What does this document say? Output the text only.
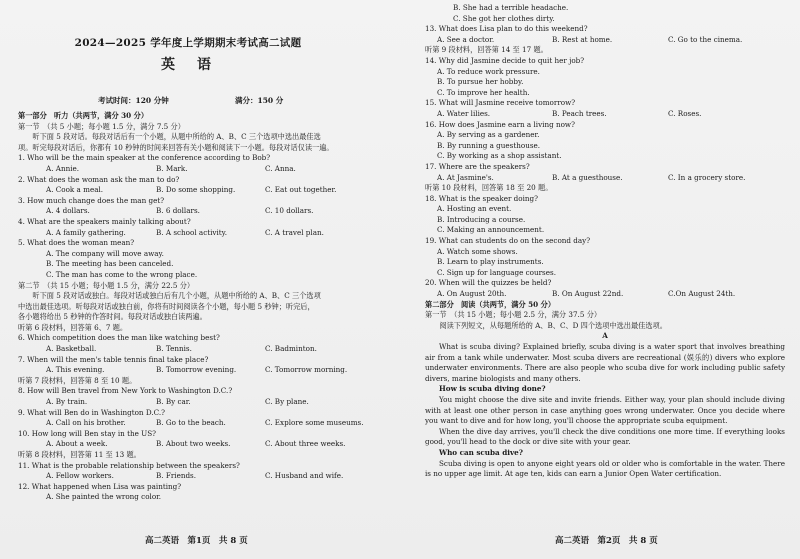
2024—2025 学年度上学期期末考试高二试题
英　语
考试时间：120 分钟	满分：150 分
第一部分　听力（共两节，满分 30 分）
第一节　（共 5 小题；每小题 1.5 分，满分 7.5 分）
　　听下面 5 段对话。每段对话后有一个小题，从题中所给的 A、B、C 三个选项中选出最佳选
项。听完每段对话后，你都有 10 秒钟的时间来回答有关小题和阅读下一小题。每段对话仅读一遍。
1. Who will be the main speaker at the conference according to Bob?
A. Annie.	B. Mark.	C. Anna.
2. What does the woman ask the man to do?
A. Cook a meal.	B. Do some shopping.	C. Eat out together.
3. How much change does the man get?
A. 4 dollars.	B. 6 dollars.	C. 10 dollars.
4. What are the speakers mainly talking about?
A. A family gathering.	B. A school activity.	C. A travel plan.
5. What does the woman mean?
A. The company will move away.
B. The meeting has been canceled.
C. The man has come to the wrong place.
第二节　（共 15 小题；每小题 1.5 分，满分 22.5 分）
　　听下面 5 段对话或独白。每段对话或独白后有几个小题，从题中所给的 A、B、C 三个选项
中选出最佳选项。听每段对话或独白前，你将有时间阅读各个小题，每小题 5 秒钟；听完后，
各小题将给出 5 秒钟的作答时间。每段对话或独白读两遍。
听第 6 段材料，回答第 6、7 题。
6. Which competition does the man like watching best?
A. Basketball.	B. Tennis.	C. Badminton.
7. When will the men's table tennis final take place?
A. This evening.	B. Tomorrow evening.	C. Tomorrow morning.
听第 7 段材料，回答第 8 至 10 题。
8. How will Ben travel from New York to Washington D.C.?
A. By train.	B. By car.	C. By plane.
9. What will Ben do in Washington D.C.?
A. Call on his brother.	B. Go to the beach.	C. Explore some museums.
10. How long will Ben stay in the US?
A. About a week.	B. About two weeks.	C. About three weeks.
听第 8 段材料，回答第 11 至 13 题。
11. What is the probable relationship between the speakers?
A. Fellow workers.	B. Friends.	C. Husband and wife.
12. What happened when Lisa was painting?
A. She painted the wrong color.
高二英语　第1页　共 8 页
B. She had a terrible headache.
C. She got her clothes dirty.
13. What does Lisa plan to do this weekend?
A. See a doctor.	B. Rest at home.	C. Go to the cinema.
听第 9 段材料，回答第 14 至 17 题。
14. Why did Jasmine decide to quit her job?
A. To reduce work pressure.
B. To pursue her hobby.
C. To improve her health.
15. What will Jasmine receive tomorrow?
A. Water lilies.	B. Peach trees.	C. Roses.
16. How does Jasmine earn a living now?
A. By serving as a gardener.
B. By running a guesthouse.
C. By working as a shop assistant.
17. Where are the speakers?
A. At Jasmine's.	B. At a guesthouse.	C. In a grocery store.
听第 10 段材料，回答第 18 至 20 题。
18. What is the speaker doing?
A. Hosting an event.
B. Introducing a course.
C. Making an announcement.
19. What can students do on the second day?
A. Watch some shows.
B. Learn to play instruments.
C. Sign up for language courses.
20. When will the quizzes be held?
A. On August 20th.	B. On August 22nd.	C.On August 24th.
第二部分　阅读（共两节，满分 50 分）
第一节　（共 15 小题；每小题 2.5 分，满分 37.5 分）
　　阅读下列短文，从每题所给的 A、B、C、D 四个选项中选出最佳选项。
A
What is scuba diving? Explained briefly, scuba diving is a water sport that involves breathing air from a tank while underwater. Most scuba divers are recreational (娱乐的) divers who explore underwater environments. There are also people who scuba dive for work including public safety divers, marine biologists and many others.
How is scuba diving done?
You might choose the dive site and invite friends. Either way, your plan should include diving with at least one other person in case anything goes wrong underwater. Once you decide where you want to dive and for how long, you'll choose the appropriate scuba equipment.
When the dive day arrives, you'll check the dive conditions one more time. If everything looks good, you'll head to the dock or dive site with your gear.
Who can scuba dive?
Scuba diving is open to anyone eight years old or older who is comfortable in the water. There is no upper age limit. At age ten, kids can earn a Junior Open Water certification.
高二英语　第2页　共 8 页
